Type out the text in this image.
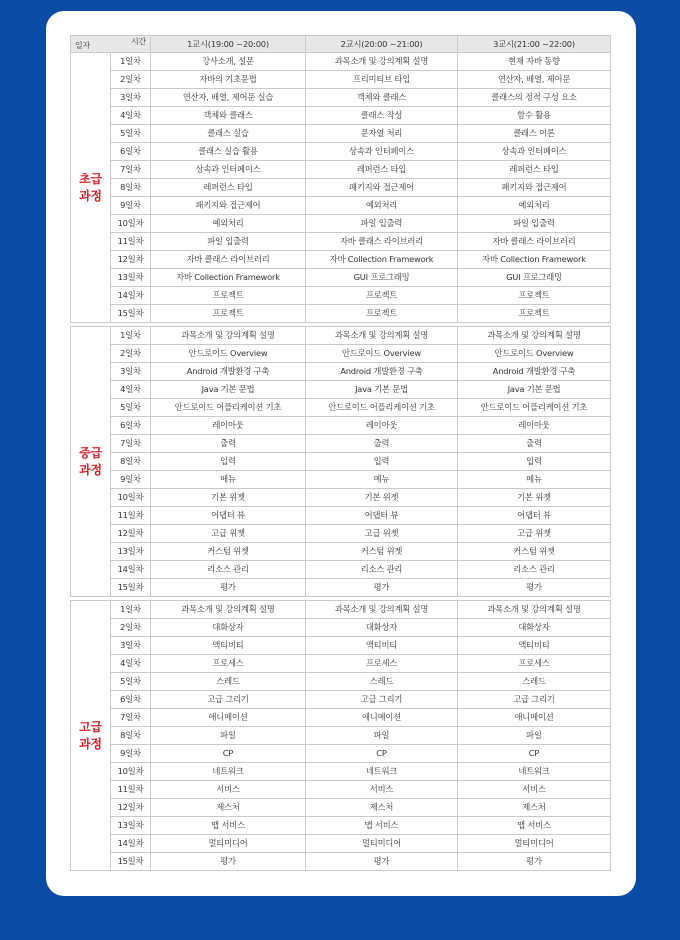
시간
일자		1교시(19:00 ~20:00)	2교시(20:00 ~21:00)	3교시(21:00 ~22:00)

초급
과정	1일차	강사소개, 설문	과목소개 및 강의계획 설명	현재 자바 동향
	2일차	자바의 기초문법	프리미티브 타입	연산자, 배열, 제어문
	3일차	연산자, 배열, 제어문 실습	객체와 클래스	클래스의 정적 구성 요소
	4일차	객체와 클래스	클래스 작성	함수 활용
	5일차	클래스 실습	문자열 처리	클래스 이론
	6일차	클래스 실습 활용	상속과 인터페이스	상속과 인터페이스
	7일차	상속과 인터페이스	레퍼런스 타입	레퍼런스 타입
	8일차	레퍼런스 타입	패키지와 접근제어	패키지와 접근제어
	9일차	패키지와 접근제어	예외처리	예외처리
	10일차	예외처리	파일 입출력	파일 입출력
	11일차	파일 입출력	자바 클래스 라이브러리	자바 클래스 라이브러리
	12일차	자바 클래스 라이브러리	자바 Collection Framework	자바 Collection Framework
	13일차	자바 Collection Framework	GUI 프로그래밍	GUI 프로그래밍
	14일차	프로젝트	프로젝트	프로젝트
	15일차	프로젝트	프로젝트	프로젝트

중급
과정	1일차	과목소개 및 강의계획 설명	과목소개 및 강의계획 설명	과목소개 및 강의계획 설명
	2일차	안드로이드 Overview	안드로이드 Overview	안드로이드 Overview
	3일차	Android 개발환경 구축	Android 개발환경 구축	Android 개발환경 구축
	4일차	Java 기본 문법	Java 기본 문법	Java 기본 문법
	5일차	안드로이드 어플리케이션 기초	안드로이드 어플리케이션 기초	안드로이드 어플리케이션 기초
	6일차	레이아웃	레이아웃	레이아웃
	7일차	출력	출력	출력
	8일차	입력	입력	입력
	9일차	메뉴	메뉴	메뉴
	10일차	기본 위젯	기본 위젯	기본 위젯
	11일차	어댑터 뷰	어댑터 뷰	어댑터 뷰
	12일차	고급 위젯	고급 위젯	고급 위젯
	13일차	커스텀 위젯	커스텀 위젯	커스텀 위젯
	14일차	리소스 관리	리소스 관리	리소스 관리
	15일차	평가	평가	평가

고급
과정	1일차	과목소개 및 강의계획 설명	과목소개 및 강의계획 설명	과목소개 및 강의계획 설명
	2일차	대화상자	대화상자	대화상자
	3일차	액티비티	액티비티	액티비티
	4일차	프로세스	프로세스	프로세스
	5일차	스레드	스레드	스레드
	6일차	고급 그리기	고급 그리기	고급 그리기
	7일차	애니메이션	애니메이션	애니메이션
	8일차	파일	파일	파일
	9일차	CP	CP	CP
	10일차	네트워크	네트워크	네트워크
	11일차	서비스	서비스	서비스
	12일차	제스처	제스처	제스처
	13일차	맵 서비스	맵 서비스	맵 서비스
	14일차	멀티미디어	멀티미디어	멀티미디어
	15일차	평가	평가	평가
